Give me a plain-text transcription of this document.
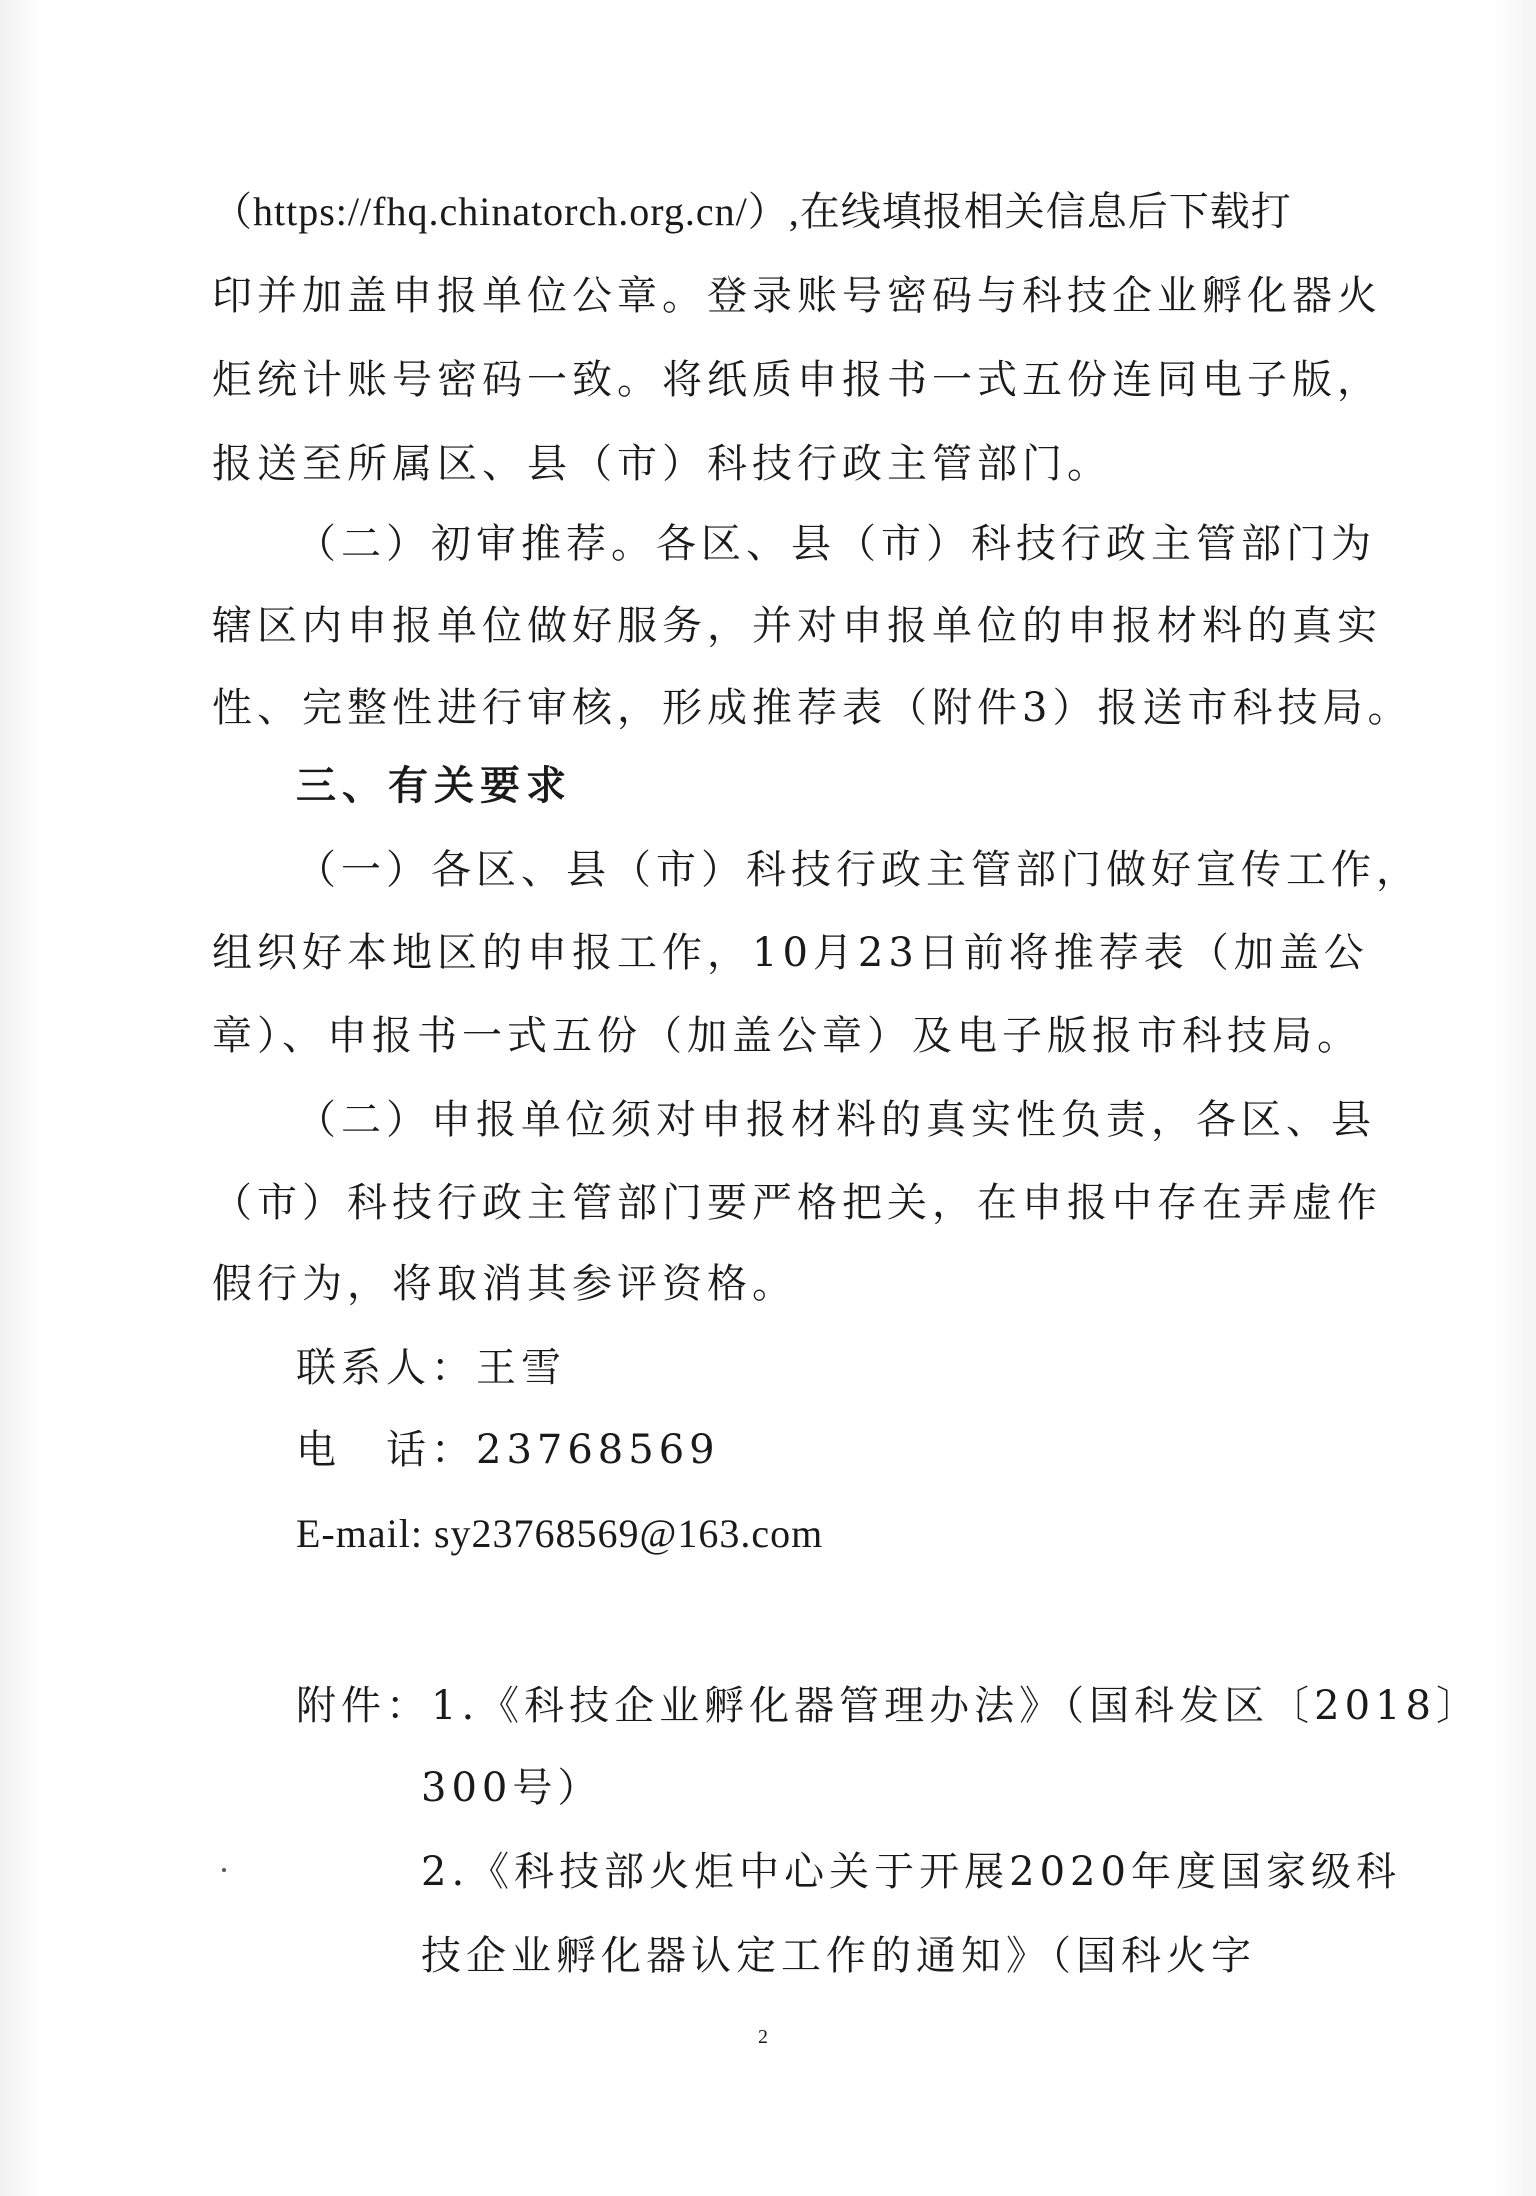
（https://fhq.chinatorch.org.cn/）,在线填报相关信息后下载打
印并加盖申报单位公章。登录账号密码与科技企业孵化器火
炬统计账号密码一致。将纸质申报书一式五份连同电子版，
报送至所属区、县（市）科技行政主管部门。
（二）初审推荐。各区、县（市）科技行政主管部门为
辖区内申报单位做好服务，并对申报单位的申报材料的真实
性、完整性进行审核，形成推荐表（附件3）报送市科技局。
三、有关要求
（一）各区、县（市）科技行政主管部门做好宣传工作，
组织好本地区的申报工作，10月23日前将推荐表（加盖公
章）、申报书一式五份（加盖公章）及电子版报市科技局。
（二）申报单位须对申报材料的真实性负责，各区、县
（市）科技行政主管部门要严格把关，在申报中存在弄虚作
假行为，将取消其参评资格。
联系人：王雪
电　话：23768569
E-mail: sy23768569@163.com
附件：1.《科技企业孵化器管理办法》（国科发区〔2018〕
300号）
2.《科技部火炬中心关于开展2020年度国家级科
技企业孵化器认定工作的通知》（国科火字
2
